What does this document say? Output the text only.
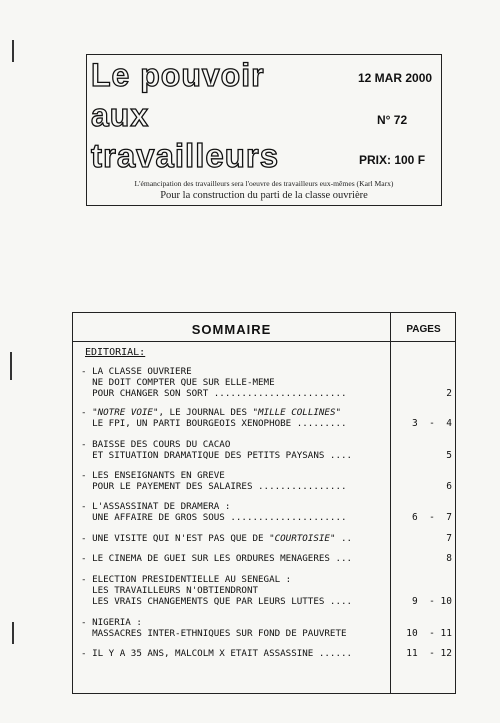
Le pouvoir
aux
travailleurs
12 MAR 2000
N° 72
PRIX: 100 F
L'émancipation des travailleurs sera l'oeuvre des travailleurs eux-mêmes (Karl Marx)
Pour la construction du parti de la classe ouvrière
SOMMAIRE	PAGES
EDITORIAL:
- LA CLASSE OUVRIERE
NE DOIT COMPTER QUE SUR ELLE-MEME
POUR CHANGER SON SORT ........................	2
- "NOTRE VOIE", LE JOURNAL DES "MILLE COLLINES"
LE FPI, UN PARTI BOURGEOIS XENOPHOBE .........	3  -  4
- BAISSE DES COURS DU CACAO
ET SITUATION DRAMATIQUE DES PETITS PAYSANS ....	5
- LES ENSEIGNANTS EN GREVE
POUR LE PAYEMENT DES SALAIRES ................	6
- L'ASSASSINAT DE DRAMERA :
UNE AFFAIRE DE GROS SOUS .....................	6  -  7
- UNE VISITE QUI N'EST PAS QUE DE "COURTOISIE" ..	7
- LE CINEMA DE GUEI SUR LES ORDURES MENAGERES ...	8
- ELECTION PRESIDENTIELLE AU SENEGAL :
LES TRAVAILLEURS N'OBTIENDRONT
LES VRAIS CHANGEMENTS QUE PAR LEURS LUTTES ....	9  - 10
- NIGERIA :
MASSACRES INTER-ETHNIQUES SUR FOND DE PAUVRETE	10  - 11
- IL Y A 35 ANS, MALCOLM X ETAIT ASSASSINE ......	11  - 12
